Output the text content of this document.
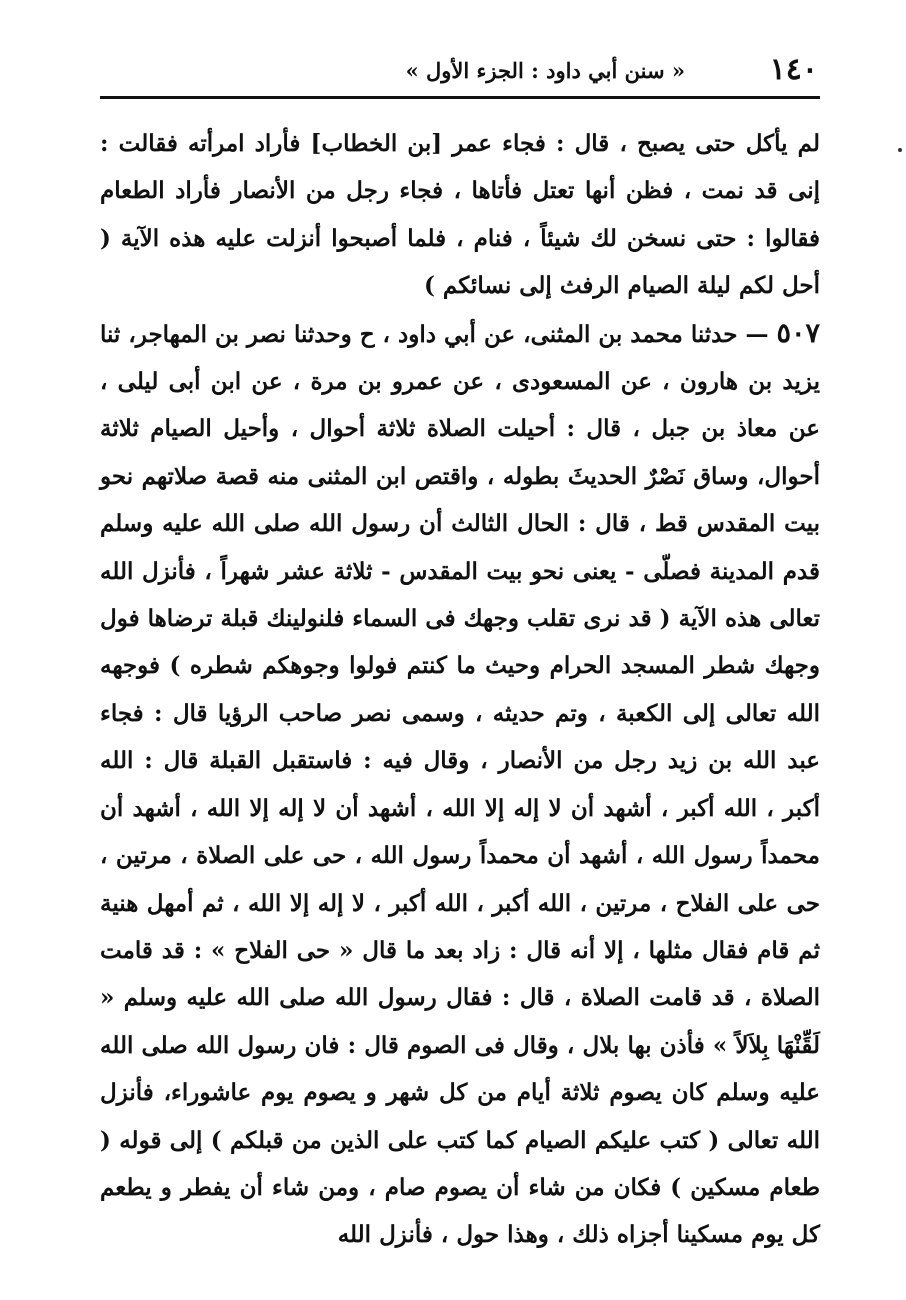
١٤٠
« سنن أبي داود : الجزء الأول »

لم يأكل حتى يصبح ، قال : فجاء عمر [بن الخطاب] فأراد امرأته فقالت : إنى قد نمت ، فظن أنها تعتل فأتاها ، فجاء رجل من الأنصار فأراد الطعام فقالوا : حتى نسخن لك شيئاً ، فنام ، فلما أصبحوا أنزلت عليه هذه الآية ( أحل لكم ليلة الصيام الرفث إلى نسائكم )

٥٠٧ — حدثنا محمد بن المثنى، عن أبي داود ، ح وحدثنا نصر بن المهاجر، ثنا يزيد بن هارون ، عن المسعودى ، عن عمرو بن مرة ، عن ابن أبى ليلى ، عن معاذ بن جبل ، قال : أحيلت الصلاة ثلاثة أحوال ، وأحيل الصيام ثلاثة أحوال، وساق نَصْرٌ الحديثَ بطوله ، واقتص ابن المثنى منه قصة صلاتهم نحو بيت المقدس قط ، قال : الحال الثالث أن رسول الله صلى الله عليه وسلم قدم المدينة فصلّى - يعنى نحو بيت المقدس - ثلاثة عشر شهراً ، فأنزل الله تعالى هذه الآية ( قد نرى تقلب وجهك فى السماء فلنولينك قبلة ترضاها فول وجهك شطر المسجد الحرام وحيث ما كنتم فولوا وجوهكم شطره ) فوجهه الله تعالى إلى الكعبة ، وتم حديثه ، وسمى نصر صاحب الرؤيا قال : فجاء عبد الله بن زيد رجل من الأنصار ، وقال فيه : فاستقبل القبلة قال : الله أكبر ، الله أكبر ، أشهد أن لا إله إلا الله ، أشهد أن لا إله إلا الله ، أشهد أن محمداً رسول الله ، أشهد أن محمداً رسول الله ، حى على الصلاة ، مرتين ، حى على الفلاح ، مرتين ، الله أكبر ، الله أكبر ، لا إله إلا الله ، ثم أمهل هنية ثم قام فقال مثلها ، إلا أنه قال : زاد بعد ما قال « حى الفلاح » : قد قامت الصلاة ، قد قامت الصلاة ، قال : فقال رسول الله صلى الله عليه وسلم « لَقِّنْهَا بِلاَلاً » فأذن بها بلال ، وقال فى الصوم قال : فان رسول الله صلى الله عليه وسلم كان يصوم ثلاثة أيام من كل شهر و يصوم يوم عاشوراء، فأنزل الله تعالى ( كتب عليكم الصيام كما كتب على الذين من قبلكم ) إلى قوله ( طعام مسكين ) فكان من شاء أن يصوم صام ، ومن شاء أن يفطر و يطعم كل يوم مسكينا أجزاه ذلك ، وهذا حول ، فأنزل الله
